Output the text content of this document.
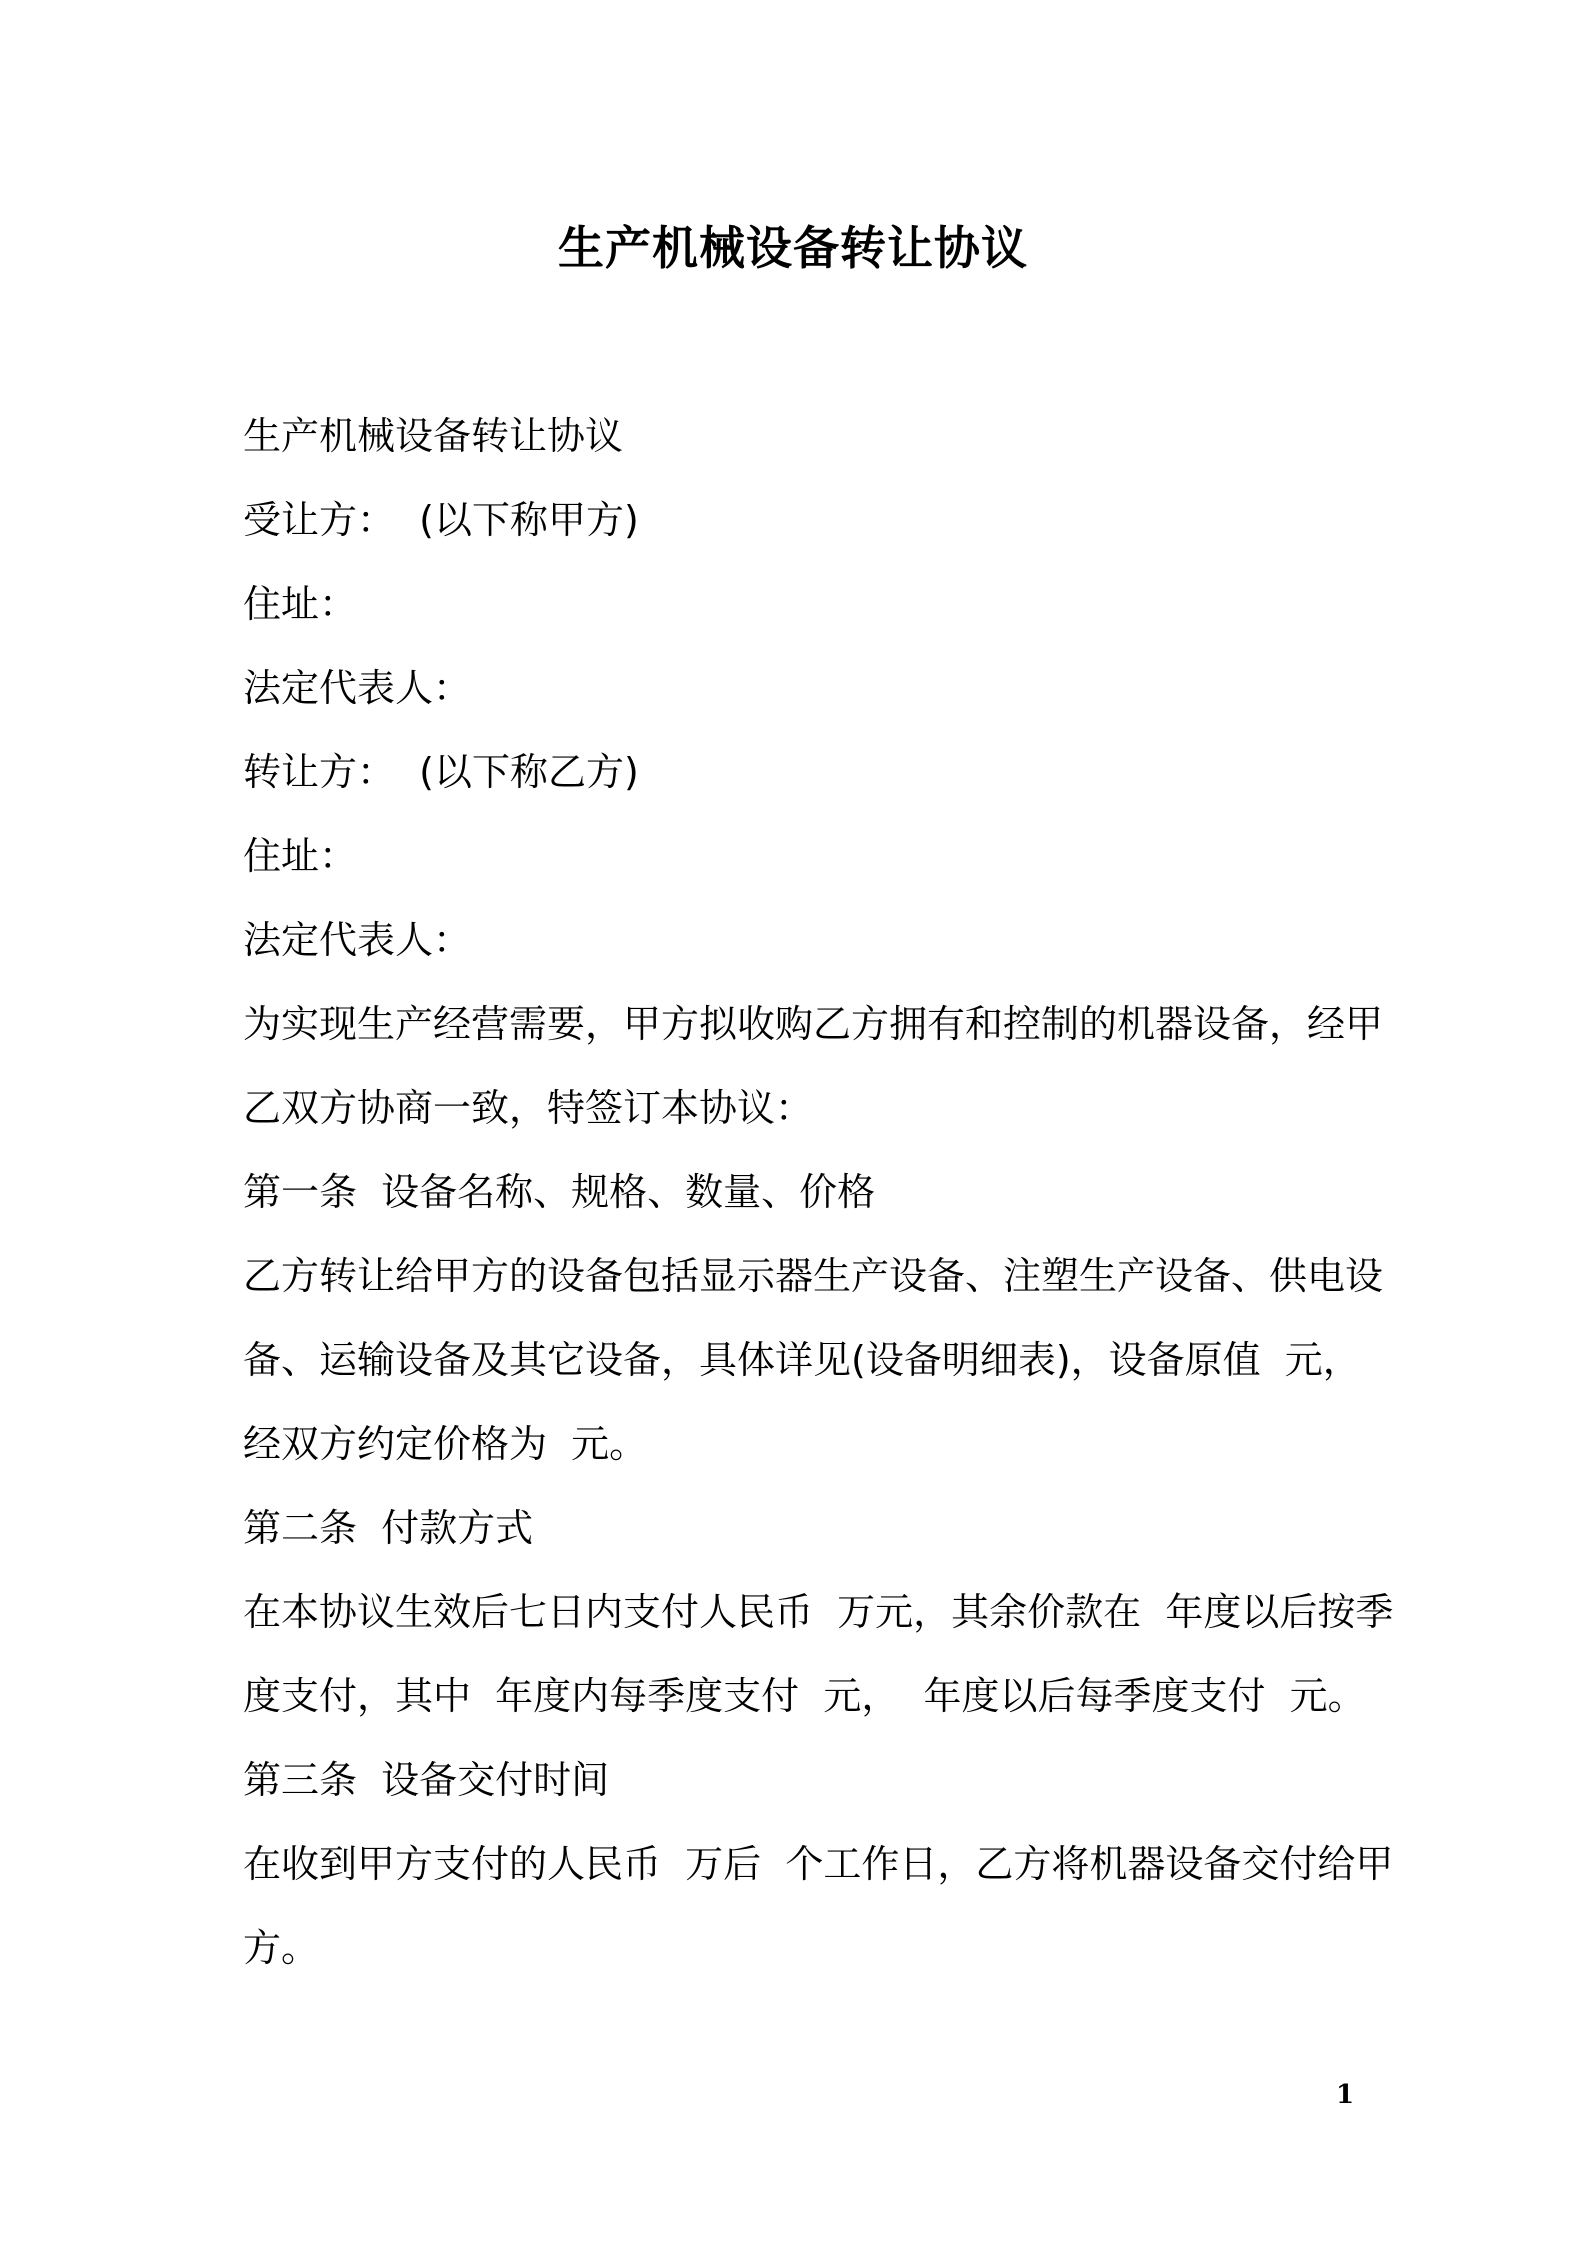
生产机械设备转让协议
生产机械设备转让协议
受让方：  (以下称甲方)
住址：
法定代表人：
转让方：  (以下称乙方)
住址：
法定代表人：
为实现生产经营需要，甲方拟收购乙方拥有和控制的机器设备，经甲
乙双方协商一致，特签订本协议：
第一条  设备名称、规格、数量、价格
乙方转让给甲方的设备包括显示器生产设备、注塑生产设备、供电设
备、运输设备及其它设备，具体详见(设备明细表)，设备原值  元，
经双方约定价格为  元。
第二条  付款方式
在本协议生效后七日内支付人民币  万元，其余价款在  年度以后按季
度支付，其中  年度内每季度支付  元，  年度以后每季度支付  元。
第三条  设备交付时间
在收到甲方支付的人民币  万后  个工作日，乙方将机器设备交付给甲
方。
1
